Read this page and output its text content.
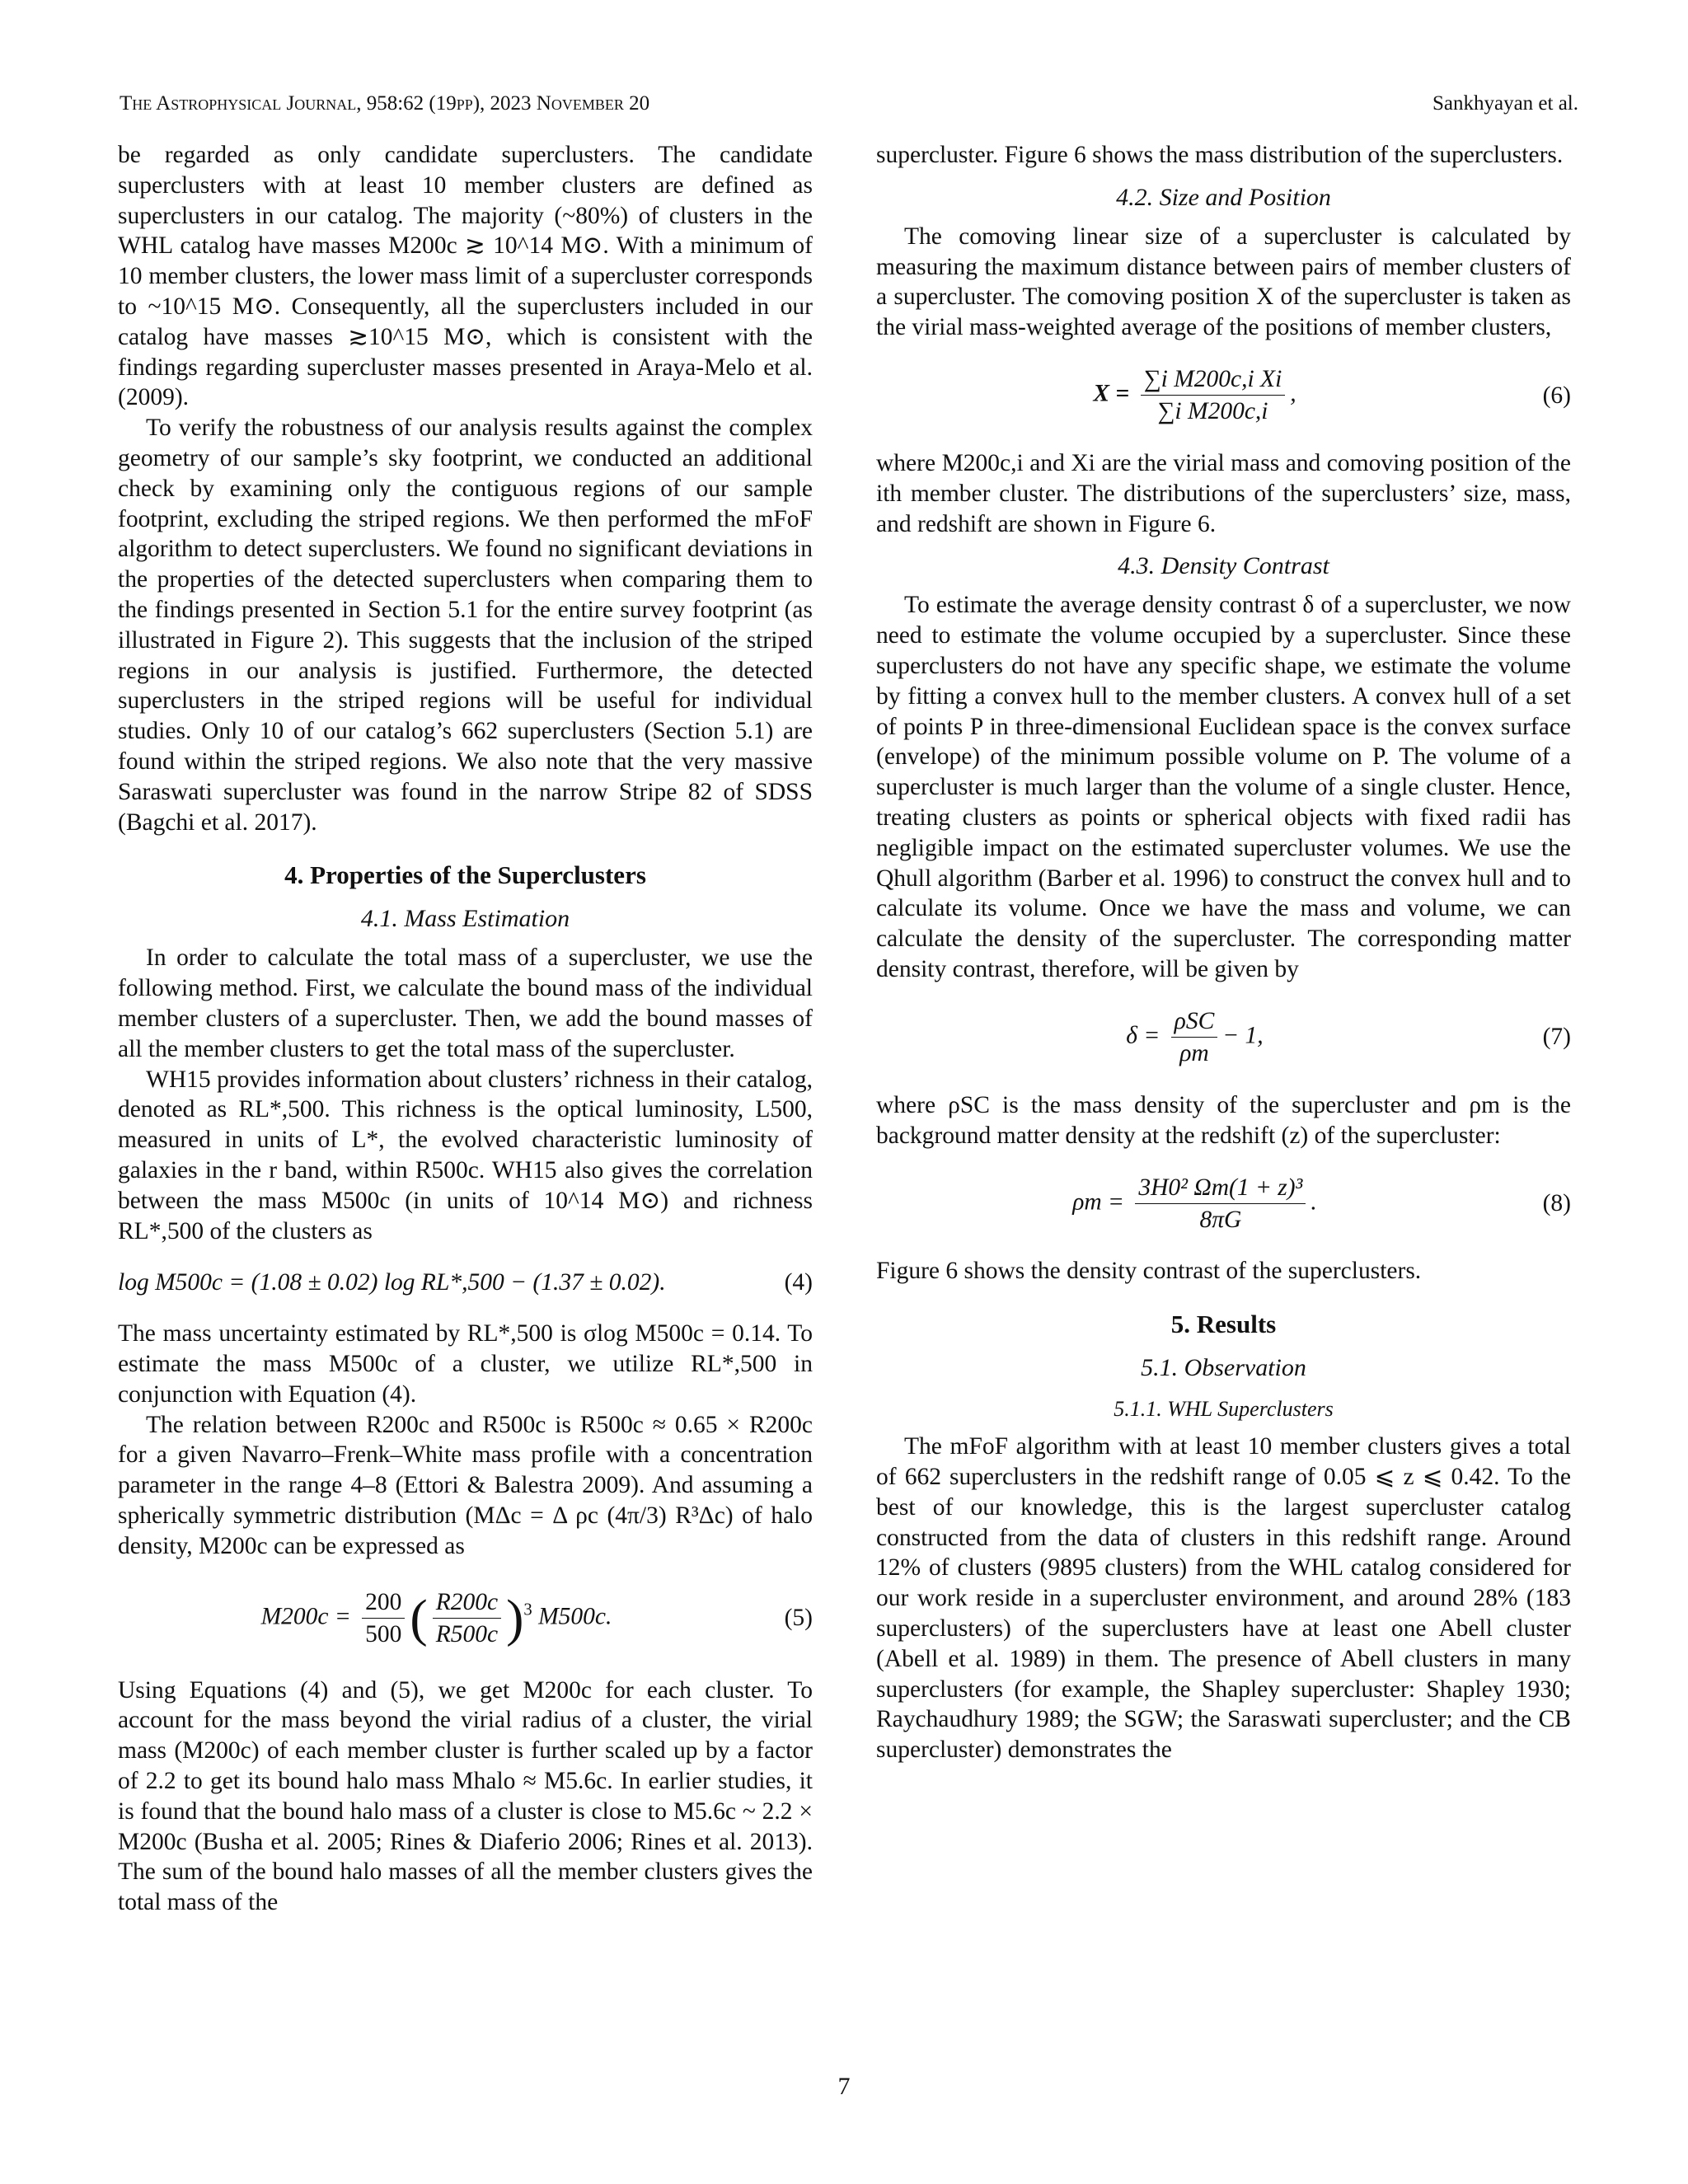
The Astrophysical Journal, 958:62 (19pp), 2023 November 20	Sankhyayan et al.

be regarded as only candidate superclusters. The candidate superclusters with at least 10 member clusters are defined as superclusters in our catalog. The majority (~80%) of clusters in the WHL catalog have masses M200c ≳ 10^14 M⊙. With a minimum of 10 member clusters, the lower mass limit of a supercluster corresponds to ~10^15 M⊙. Consequently, all the superclusters included in our catalog have masses ≳10^15 M⊙, which is consistent with the findings regarding supercluster masses presented in Araya-Melo et al. (2009).

To verify the robustness of our analysis results against the complex geometry of our sample’s sky footprint, we conducted an additional check by examining only the contiguous regions of our sample footprint, excluding the striped regions. We then performed the mFoF algorithm to detect superclusters. We found no significant deviations in the properties of the detected superclusters when comparing them to the findings presented in Section 5.1 for the entire survey footprint (as illustrated in Figure 2). This suggests that the inclusion of the striped regions in our analysis is justified. Furthermore, the detected superclusters in the striped regions will be useful for individual studies. Only 10 of our catalog’s 662 superclusters (Section 5.1) are found within the striped regions. We also note that the very massive Saraswati supercluster was found in the narrow Stripe 82 of SDSS (Bagchi et al. 2017).

4. Properties of the Superclusters
4.1. Mass Estimation

In order to calculate the total mass of a supercluster, we use the following method. First, we calculate the bound mass of the individual member clusters of a supercluster. Then, we add the bound masses of all the member clusters to get the total mass of the supercluster.

WH15 provides information about clusters’ richness in their catalog, denoted as RL*,500. This richness is the optical luminosity, L500, measured in units of L*, the evolved characteristic luminosity of galaxies in the r band, within R500c. WH15 also gives the correlation between the mass M500c (in units of 10^14 M⊙) and richness RL*,500 of the clusters as

log M500c = (1.08 ± 0.02) log RL*,500 − (1.37 ± 0.02).	(4)

The mass uncertainty estimated by RL*,500 is σlog M500c = 0.14. To estimate the mass M500c of a cluster, we utilize RL*,500 in conjunction with Equation (4).

The relation between R200c and R500c is R500c ≈ 0.65 × R200c for a given Navarro–Frenk–White mass profile with a concentration parameter in the range 4–8 (Ettori & Balestra 2009). And assuming a spherically symmetric distribution (MΔc = Δ ρc (4π/3) R³Δc) of halo density, M200c can be expressed as

$M200c = \frac{200}{500}$ ( $\frac{R200c}{R500c} )^3$ M500c.	(5)

Using Equations (4) and (5), we get M200c for each cluster. To account for the mass beyond the virial radius of a cluster, the virial mass (M200c) of each member cluster is further scaled up by a factor of 2.2 to get its bound halo mass Mhalo ≈ M5.6c. In earlier studies, it is found that the bound halo mass of a cluster is close to M5.6c ~ 2.2 × M200c (Busha et al. 2005; Rines & Diaferio 2006; Rines et al. 2013). The sum of the bound halo masses of all the member clusters gives the total mass of the

supercluster. Figure 6 shows the mass distribution of the superclusters.

4.2. Size and Position

The comoving linear size of a supercluster is calculated by measuring the maximum distance between pairs of member clusters of a supercluster. The comoving position X of the supercluster is taken as the virial mass-weighted average of the positions of member clusters,

$X = \frac{\text{∑i M200c,i Xi}}{\text{∑i M200c,i}}$ ,	(6)

where M200c,i and Xi are the virial mass and comoving position of the ith member cluster. The distributions of the superclusters’ size, mass, and redshift are shown in Figure 6.

4.3. Density Contrast

To estimate the average density contrast δ of a supercluster, we now need to estimate the volume occupied by a supercluster. Since these superclusters do not have any specific shape, we estimate the volume by fitting a convex hull to the member clusters. A convex hull of a set of points P in three-dimensional Euclidean space is the convex surface (envelope) of the minimum possible volume on P. The volume of a supercluster is much larger than the volume of a single cluster. Hence, treating clusters as points or spherical objects with fixed radii has negligible impact on the estimated supercluster volumes. We use the Qhull algorithm (Barber et al. 1996) to construct the convex hull and to calculate its volume. Once we have the mass and volume, we can calculate the density of the supercluster. The corresponding matter density contrast, therefore, will be given by

$\delta = \frac{\text{ρSC}}{\rho m} - 1$,	(7)

where ρSC is the mass density of the supercluster and ρm is the background matter density at the redshift (z) of the supercluster:

$\rho m = \frac{\text{3H0² Ωm(1 + z)³}}{8\pi G}$ .	(8)

Figure 6 shows the density contrast of the superclusters.

5. Results
5.1. Observation
5.1.1. WHL Superclusters

The mFoF algorithm with at least 10 member clusters gives a total of 662 superclusters in the redshift range of 0.05 ⩽ z ⩽ 0.42. To the best of our knowledge, this is the largest supercluster catalog constructed from the data of clusters in this redshift range. Around 12% of clusters (9895 clusters) from the WHL catalog considered for our work reside in a supercluster environment, and around 28% (183 superclusters) of the superclusters have at least one Abell cluster (Abell et al. 1989) in them. The presence of Abell clusters in many superclusters (for example, the Shapley supercluster: Shapley 1930; Raychaudhury 1989; the SGW; the Saraswati supercluster; and the CB supercluster) demonstrates the

7
